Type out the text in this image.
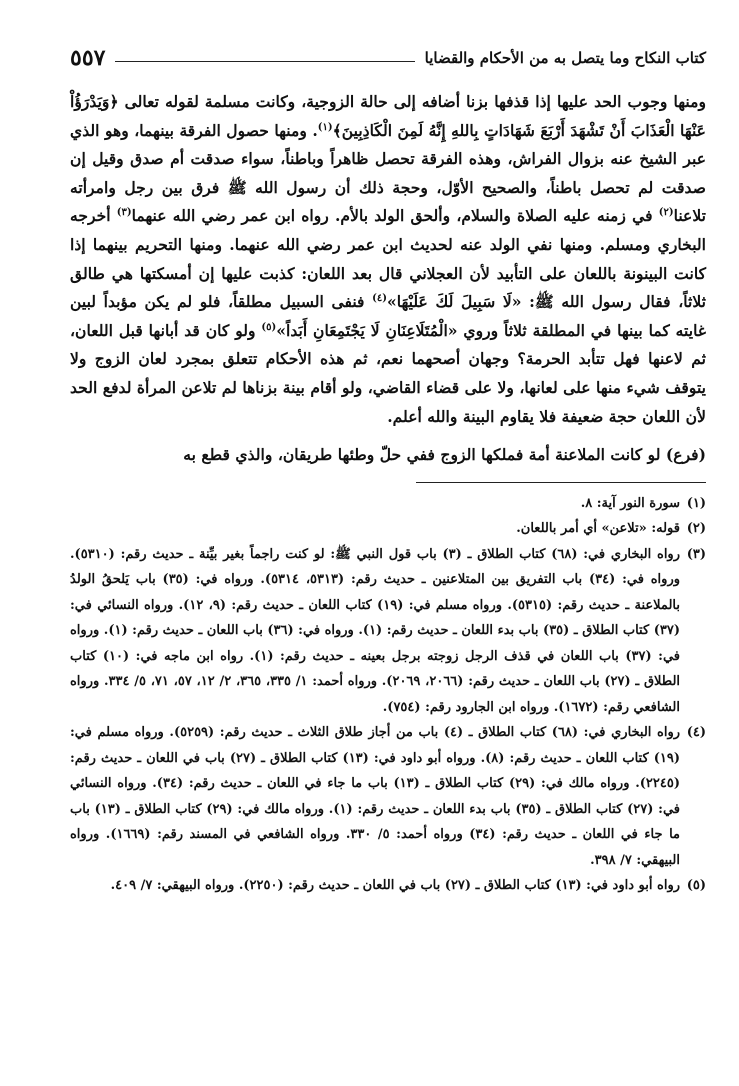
كتاب النكاح وما يتصل به من الأحكام والقضايا
٥٥٧

ومنها وجوب الحد عليها إذا قذفها بزنا أضافه إلى حالة الزوجية، وكانت مسلمة لقوله تعالى ﴿وَيَدْرَؤُاْ عَنْهَا الْعَذَابَ أَنْ تَشْهَدَ أَرْبَعَ شَهَادَاتٍ بِاللهِ إِنَّهُ لَمِنَ الْكَاذِبِينَ﴾$^{(١)}$. ومنها حصول الفرقة بينهما، وهو الذي عبر الشيخ عنه بزوال الفراش، وهذه الفرقة تحصل ظاهراً وباطناً، سواء صدقت أم صدق وقيل إن صدقت لم تحصل باطناً، والصحيح الأوّل، وحجة ذلك أن رسول الله ﷺ فرق بين رجل وامرأته تلاعنا$^{(٢)}$ في زمنه عليه الصلاة والسلام، وألحق الولد بالأم. رواه ابن عمر رضي الله عنهما$^{(٣)}$ أخرجه البخاري ومسلم. ومنها نفي الولد عنه لحديث ابن عمر رضي الله عنهما. ومنها التحريم بينهما إذا كانت البينونة باللعان على التأبيد لأن العجلاني قال بعد اللعان: كذبت عليها إن أمسكتها هي طالق ثلاثاً، فقال رسول الله ﷺ: «لَا سَبِيلَ لَكَ عَلَيْهَا»$^{(٤)}$ فنفى السبيل مطلقاً، فلو لم يكن مؤبداً لبين غايته كما بينها في المطلقة ثلاثاً وروي «الْمُتَلَاعِنَانِ لَا يَجْتَمِعَانِ أَبَداً»$^{(٥)}$ ولو كان قد أبانها قبل اللعان، ثم لاعنها فهل تتأبد الحرمة؟ وجهان أصحهما نعم، ثم هذه الأحكام تتعلق بمجرد لعان الزوج ولا يتوقف شيء منها على لعانها، ولا على قضاء القاضي، ولو أقام بينة بزناها لم تلاعن المرأة لدفع الحد لأن اللعان حجة ضعيفة فلا يقاوم البينة والله أعلم.

(فرع) لو كانت الملاعنة أمة فملكها الزوج ففي حلّ وطئها طريقان، والذي قطع به

(١)
سورة النور آية: ٨.
(٢)
قوله: «تلاعن» أي أمر باللعان.
(٣)
رواه البخاري في: (٦٨) كتاب الطلاق ـ (٣) باب قول النبي ﷺ: لو كنت راجماً بغير بيِّنة ـ حديث رقم: (٥٣١٠). ورواه في: (٣٤) باب التفريق بين المتلاعنين ـ حديث رقم: (٥٣١٣، ٥٣١٤). ورواه في: (٣٥) باب يَلحقُ الولدُ بالملاعنة ـ حديث رقم: (٥٣١٥). ورواه مسلم في: (١٩) كتاب اللعان ـ حديث رقم: (٩، ١٢). ورواه النسائي في: (٣٧) كتاب الطلاق ـ (٣٥) باب بدء اللعان ـ حديث رقم: (١). ورواه في: (٣٦) باب اللعان ـ حديث رقم: (١). ورواه في: (٣٧) باب اللعان في قذف الرجل زوجته برجل بعينه ـ حديث رقم: (١). رواه ابن ماجه في: (١٠) كتاب الطلاق ـ (٢٧) باب اللعان ـ حديث رقم: (٢٠٦٦، ٢٠٦٩). ورواه أحمد: ١/ ٣٣٥، ٣٦٥، ٢/ ١٢، ٥٧، ٧١، ٥/ ٣٣٤. ورواه الشافعي رقم: (١٦٧٢). ورواه ابن الجارود رقم: (٧٥٤).
(٤)
رواه البخاري في: (٦٨) كتاب الطلاق ـ (٤) باب من أجاز طلاق الثلاث ـ حديث رقم: (٥٢٥٩). ورواه مسلم في: (١٩) كتاب اللعان ـ حديث رقم: (٨). ورواه أبو داود في: (١٣) كتاب الطلاق ـ (٢٧) باب في اللعان ـ حديث رقم: (٢٢٤٥). ورواه مالك في: (٢٩) كتاب الطلاق ـ (١٣) باب ما جاء في اللعان ـ حديث رقم: (٣٤). ورواه النسائي في: (٢٧) كتاب الطلاق ـ (٣٥) باب بدء اللعان ـ حديث رقم: (١). ورواه مالك في: (٢٩) كتاب الطلاق ـ (١٣) باب ما جاء في اللعان ـ حديث رقم: (٣٤) ورواه أحمد: ٥/ ٣٣٠. ورواه الشافعي في المسند رقم: (١٦٦٩). ورواه البيهقي: ٧/ ٣٩٨.
(٥)
رواه أبو داود في: (١٣) كتاب الطلاق ـ (٢٧) باب في اللعان ـ حديث رقم: (٢٢٥٠). ورواه البيهقي: ٧/ ٤٠٩.
